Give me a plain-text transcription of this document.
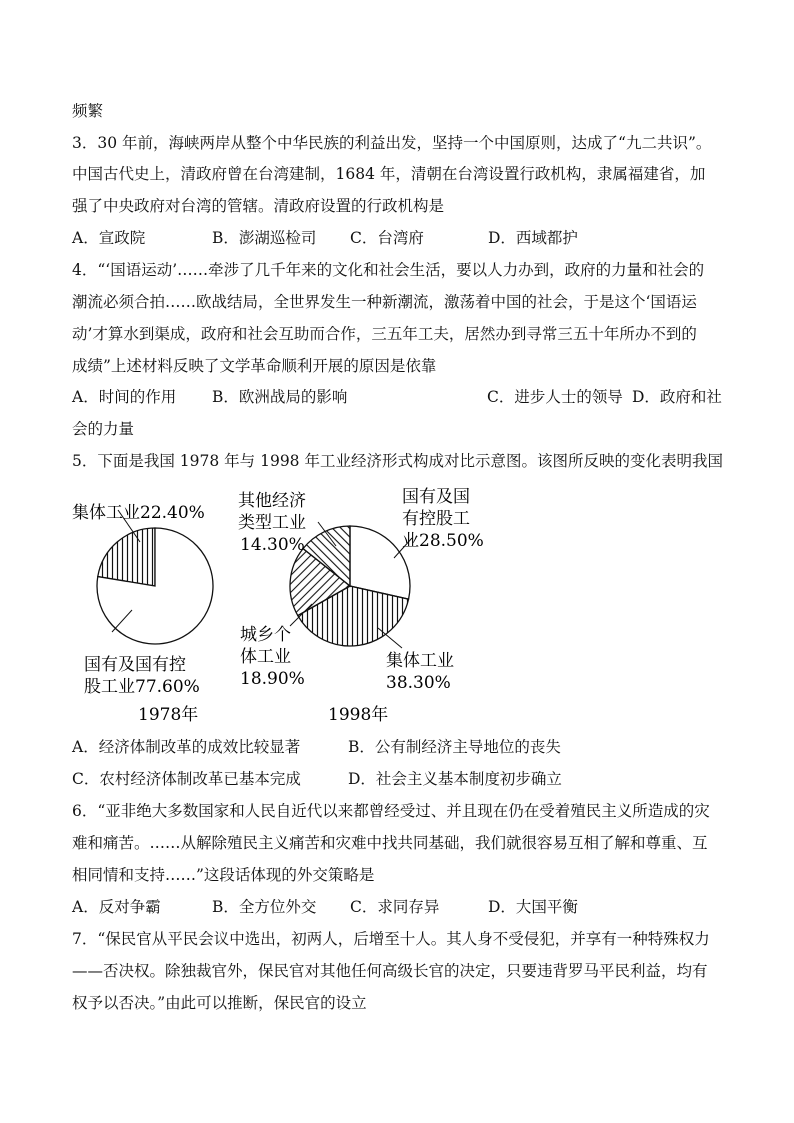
频繁
3．30 年前，海峡两岸从整个中华民族的利益出发，坚持一个中国原则，达成了“九二共识”。
中国古代史上，清政府曾在台湾建制，1684 年，清朝在台湾设置行政机构，隶属福建省，加
强了中央政府对台湾的管辖。清政府设置的行政机构是
A．宣政院	B．澎湖巡检司 C．台湾府	D．西域都护
4．“‘国语运动’……牵涉了几千年来的文化和社会生活，要以人力办到，政府的力量和社会的
潮流必须合拍……欧战结局，全世界发生一种新潮流，激荡着中国的社会，于是这个‘国语运
动’才算水到渠成，政府和社会互助而合作，三五年工夫，居然办到寻常三五十年所办不到的
成绩”上述材料反映了文学革命顺利开展的原因是依靠
A．时间的作用 B．欧洲战局的影响	C．进步人士的领导 D．政府和社
会的力量
5．下面是我国 1978 年与 1998 年工业经济形式构成对比示意图。该图所反映的变化表明我国
集体工业22.40%
国有及国有控
股工业77.60%
1978年
其他经济
类型工业
14.30%
国有及国
有控股工
业28.50%
城乡个
体工业
18.90%
集体工业
38.30%
1998年
A．经济体制改革的成效比较显著	B．公有制经济主导地位的丧失
C．农村经济体制改革已基本完成	D．社会主义基本制度初步确立
6．“亚非绝大多数国家和人民自近代以来都曾经受过、并且现在仍在受着殖民主义所造成的灾
难和痛苦。……从解除殖民主义痛苦和灾难中找共同基础，我们就很容易互相了解和尊重、互
相同情和支持……”这段话体现的外交策略是
A．反对争霸	B．全方位外交 C．求同存异	D．大国平衡
7．“保民官从平民会议中选出，初两人，后增至十人。其人身不受侵犯，并享有一种特殊权力
——否决权。除独裁官外，保民官对其他任何高级长官的决定，只要违背罗马平民利益，均有
权予以否决。”由此可以推断，保民官的设立
